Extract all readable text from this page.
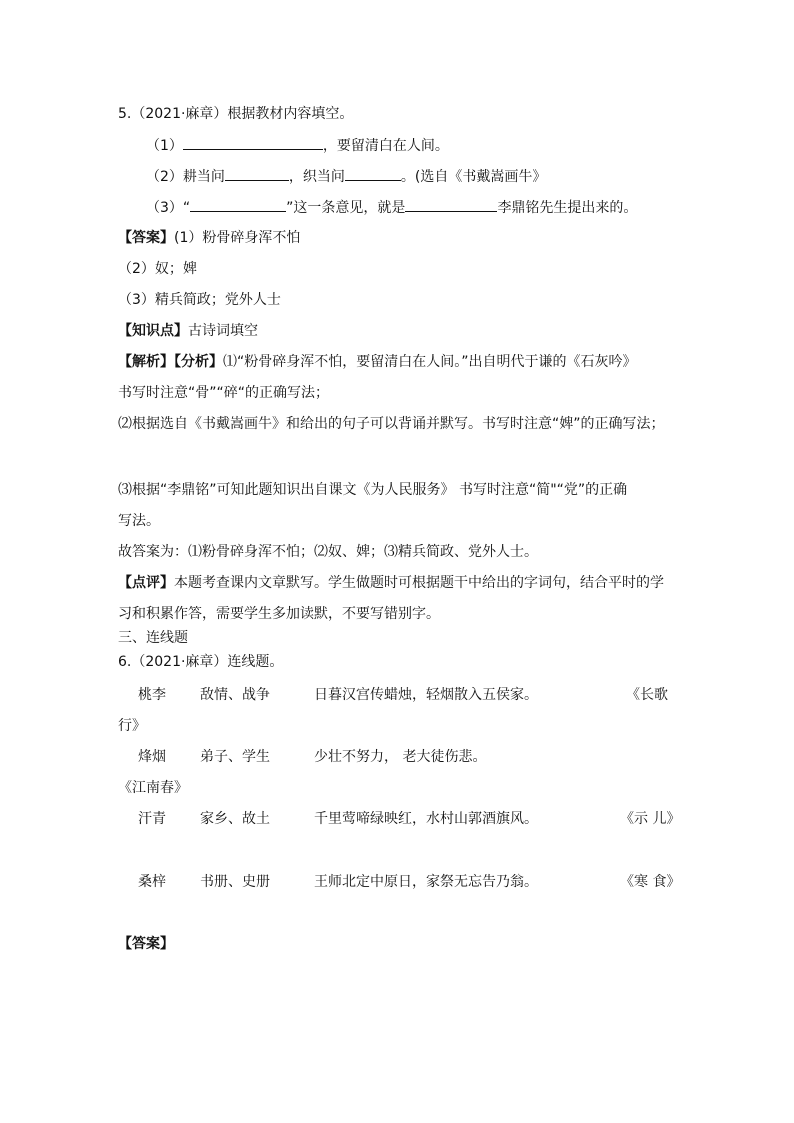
5.（2021·麻章）根据教材内容填空。
（1）	，要留清白在人间。
（2）耕当问	，织当问	。(选自《书戴嵩画牛》
（3）“	”这一条意见，就是	李鼎铭先生提出来的。
【答案】(1）粉骨碎身浑不怕
（2）奴；婢
（3）精兵简政；党外人士
【知识点】古诗词填空
【解析】【分析】⑴“粉骨碎身浑不怕，要留清白在人间。”出自明代于谦的《石灰吟》
书写时注意“骨”“碎“的正确写法；
⑵根据选自《书戴嵩画牛》和给出的句子可以背诵并默写。书写时注意“婢”的正确写法；
⑶根据“李鼎铭”可知此题知识出自课文《为人民服务》 书写时注意“简"“党”的正确
写法。
故答案为：⑴粉骨碎身浑不怕；⑵奴、婢；⑶精兵简政、党外人士。
【点评】本题考查课内文章默写。学生做题时可根据题干中给出的字词句，结合平时的学
习和积累作答，需要学生多加读默，不要写错别字。
三、连线题
6.（2021·麻章）连线题。
桃李 敌情、战争	日暮汉宫传蜡烛，轻烟散入五侯家。	《长歌
行》
烽烟 弟子、学生	少壮不努力， 老大徒伤悲。
《江南春》
汗青 家乡、故土	千里莺啼绿映红，水村山郭酒旗风。	《示 儿》
桑梓 书册、史册	王师北定中原日，家祭无忘告乃翁。	《寒 食》
【答案】
